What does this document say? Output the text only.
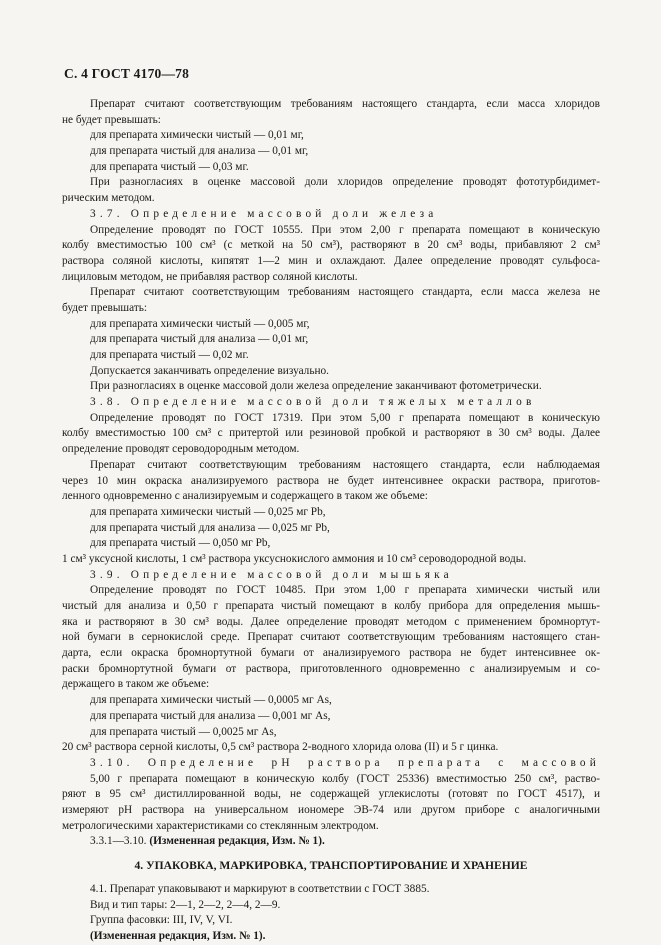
С. 4 ГОСТ 4170—78
Препарат считают соответствующим требованиям настоящего стандарта, если масса хлоридов
не будет превышать:
для препарата химически чистый — 0,01 мг,
для препарата чистый для анализа — 0,01 мг,
для препарата чистый — 0,03 мг.
При разногласиях в оценке массовой доли хлоридов определение проводят фототурбидимет-
рическим методом.
3.7. Определение массовой доли железа
Определение проводят по ГОСТ 10555. При этом 2,00 г препарата помещают в коническую
колбу вместимостью 100 см³ (с меткой на 50 см³), растворяют в 20 см³ воды, прибавляют 2 см³
раствора соляной кислоты, кипятят 1—2 мин и охлаждают. Далее определение проводят сульфоса-
лициловым методом, не прибавляя раствор соляной кислоты.
Препарат считают соответствующим требованиям настоящего стандарта, если масса железа не
будет превышать:
для препарата химически чистый — 0,005 мг,
для препарата чистый для анализа — 0,01 мг,
для препарата чистый — 0,02 мг.
Допускается заканчивать определение визуально.
При разногласиях в оценке массовой доли железа определение заканчивают фотометрически.
3.8. Определение массовой доли тяжелых металлов
Определение проводят по ГОСТ 17319. При этом 5,00 г препарата помещают в коническую
колбу вместимостью 100 см³ с притертой или резиновой пробкой и растворяют в 30 см³ воды. Далее
определение проводят сероводородным методом.
Препарат считают соответствующим требованиям настоящего стандарта, если наблюдаемая
через 10 мин окраска анализируемого раствора не будет интенсивнее окраски раствора, приготов-
ленного одновременно с анализируемым и содержащего в таком же объеме:
для препарата химически чистый — 0,025 мг Pb,
для препарата чистый для анализа — 0,025 мг Pb,
для препарата чистый — 0,050 мг Pb,
1 см³ уксусной кислоты, 1 см³ раствора уксуснокислого аммония и 10 см³ сероводородной воды.
3.9. Определение массовой доли мышьяка
Определение проводят по ГОСТ 10485. При этом 1,00 г препарата химически чистый или
чистый для анализа и 0,50 г препарата чистый помещают в колбу прибора для определения мышь-
яка и растворяют в 30 см³ воды. Далее определение проводят методом с применением бромнортут-
ной бумаги в сернокислой среде. Препарат считают соответствующим требованиям настоящего стан-
дарта, если окраска бромнортутной бумаги от анализируемого раствора не будет интенсивнее ок-
раски бромнортутной бумаги от раствора, приготовленного одновременно с анализируемым и со-
держащего в таком же объеме:
для препарата химически чистый — 0,0005 мг As,
для препарата чистый для анализа — 0,001 мг As,
для препарата чистый — 0,0025 мг As,
20 см³ раствора серной кислоты, 0,5 см³ раствора 2-водного хлорида олова (II) и 5 г цинка.
3.10. Определение pH раствора препарата с массовой
5,00 г препарата помещают в коническую колбу (ГОСТ 25336) вместимостью 250 см³, раство-
ряют в 95 см³ дистиллированной воды, не содержащей углекислоты (готовят по ГОСТ 4517), и
измеряют pH раствора на универсальном иономере ЭВ-74 или другом приборе с аналогичными
метрологическими характеристиками со стеклянным электродом.
3.3.1—3.10. (Измененная редакция, Изм. № 1).
4. УПАКОВКА, МАРКИРОВКА, ТРАНСПОРТИРОВАНИЕ И ХРАНЕНИЕ
4.1. Препарат упаковывают и маркируют в соответствии с ГОСТ 3885.
Вид и тип тары: 2—1, 2—2, 2—4, 2—9.
Группа фасовки: III, IV, V, VI.
(Измененная редакция, Изм. № 1).
